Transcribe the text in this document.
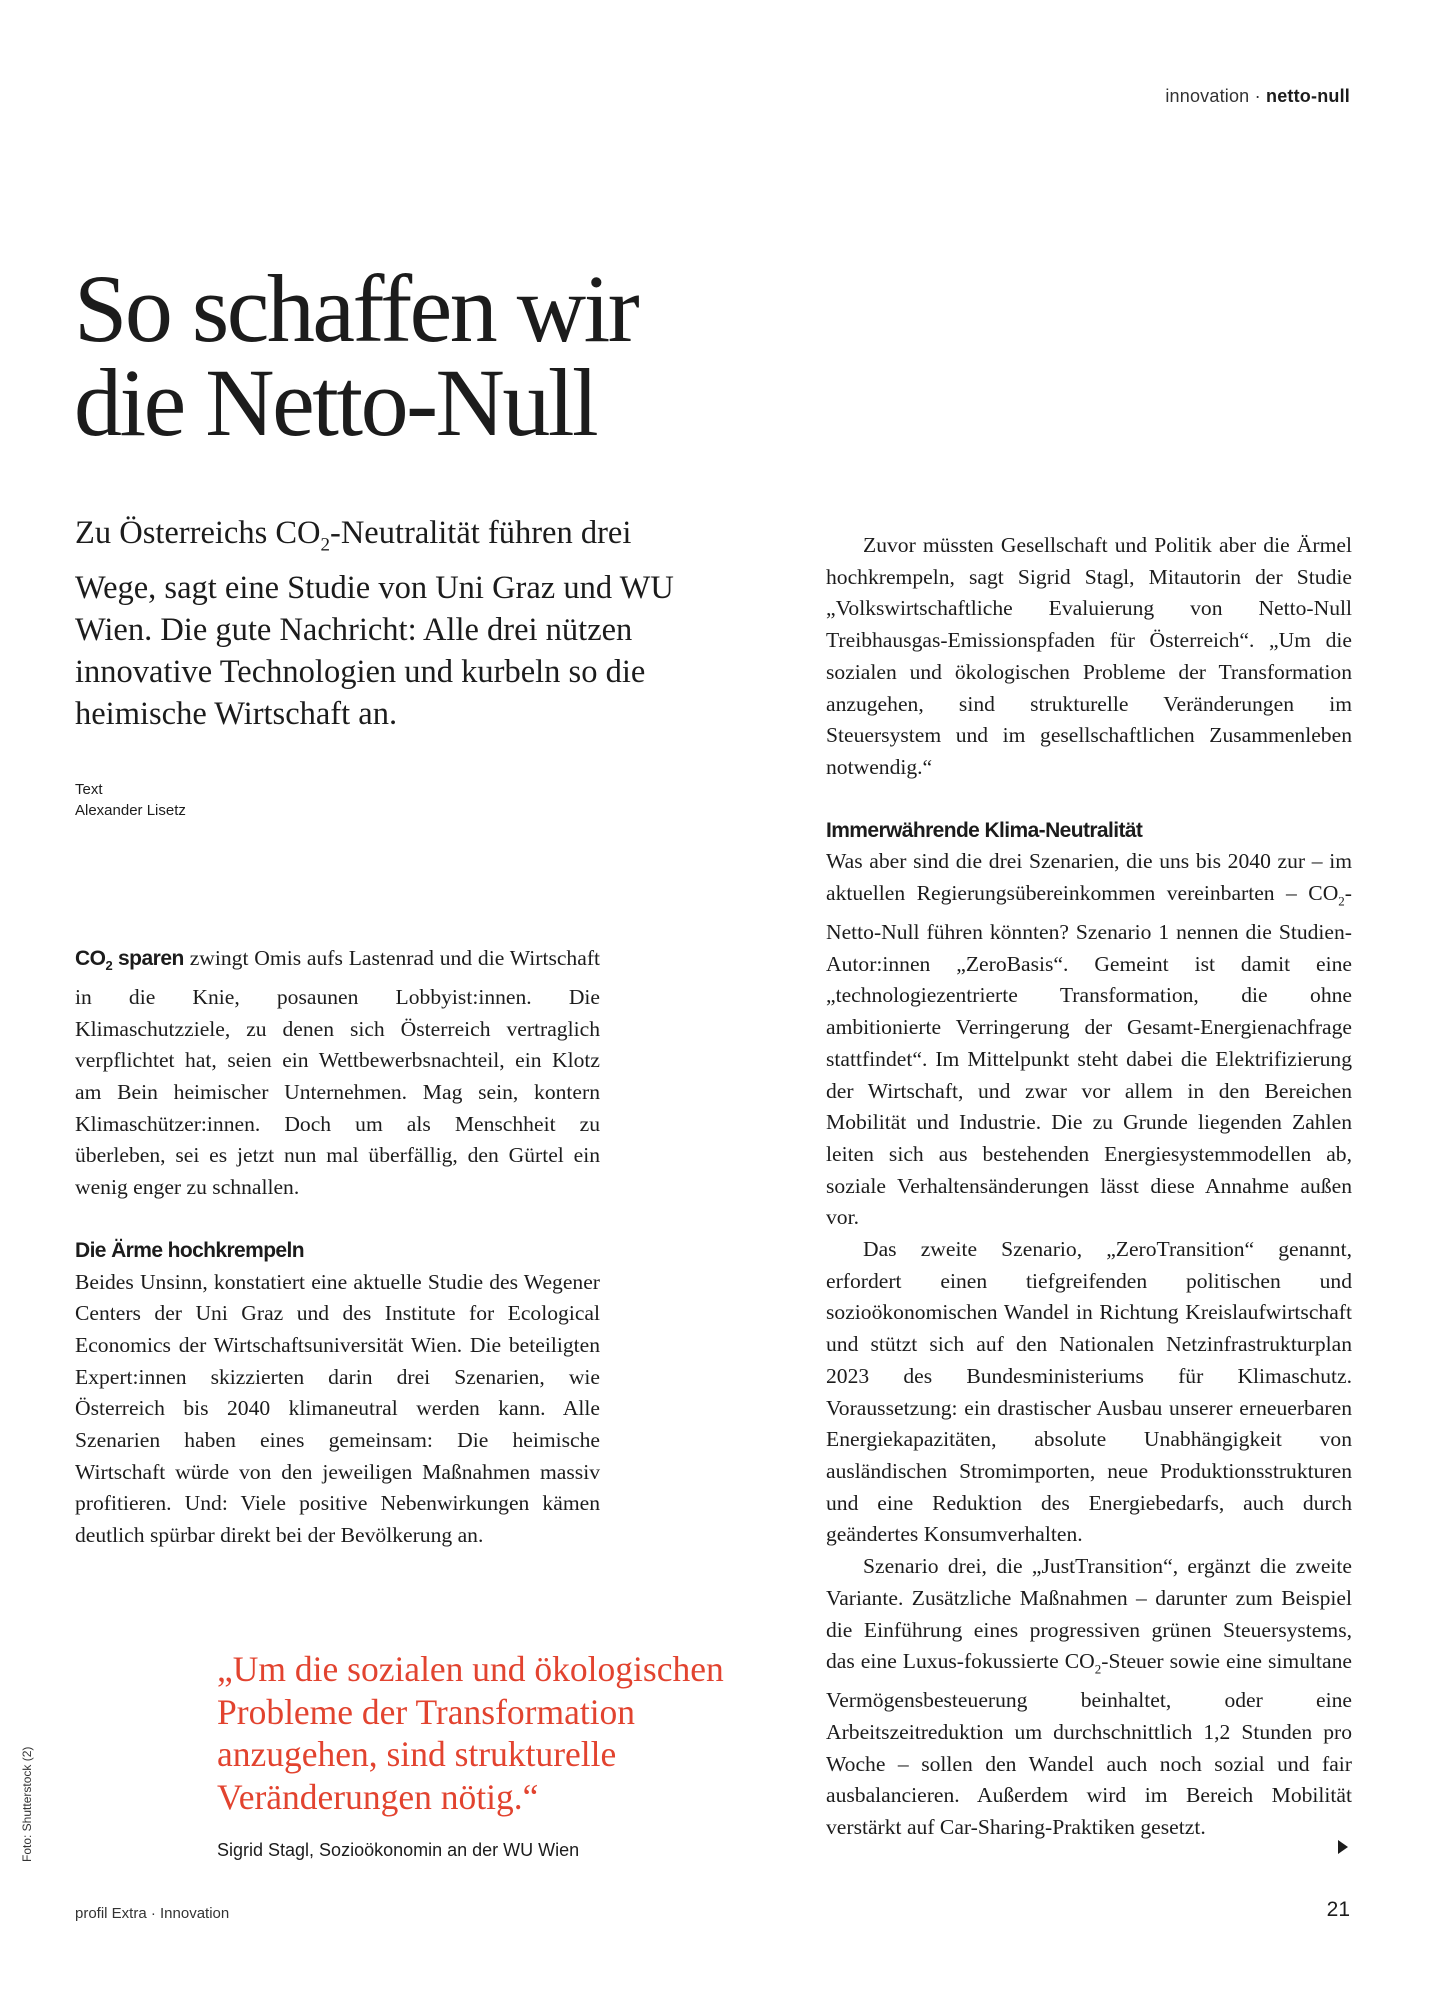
innovation · netto-null
So schaffen wir
die Netto-Null

Zu Österreichs $CO_2$-Neutralität führen drei Wege, sagt eine Studie von Uni Graz und WU Wien. Die gute Nachricht: Alle drei nützen innovative Technologien und kurbeln so die heimische Wirtschaft an.

Text
Alexander Lisetz

$CO_2$ sparen zwingt Omis aufs Lastenrad und die Wirtschaft in die Knie, posaunen Lobbyist:innen. Die Klimaschutzziele, zu denen sich Österreich vertraglich verpflichtet hat, seien ein Wettbewerbsnachteil, ein Klotz am Bein heimischer Unternehmen. Mag sein, kontern Klimaschützer:innen. Doch um als Menschheit zu überleben, sei es jetzt nun mal überfällig, den Gürtel ein wenig enger zu schnallen.

Die Ärme hochkrempeln

Beides Unsinn, konstatiert eine aktuelle Studie des Wegener Centers der Uni Graz und des Institute for Ecological Economics der Wirtschaftsuniversität Wien. Die beteiligten Expert:innen skizzierten darin drei Szenarien, wie Österreich bis 2040 klimaneutral werden kann. Alle Szenarien haben eines gemeinsam: Die heimische Wirtschaft würde von den jeweiligen Maßnahmen massiv profitieren. Und: Viele positive Nebenwirkungen kämen deutlich spürbar direkt bei der Bevölkerung an.

Zuvor müssten Gesellschaft und Politik aber die Ärmel hochkrempeln, sagt Sigrid Stagl, Mitautorin der Studie „Volkswirtschaftliche Evaluierung von Netto-Null Treibhausgas-Emissionspfaden für Österreich“. „Um die sozialen und ökologischen Probleme der Transformation anzugehen, sind strukturelle Veränderungen im Steuersystem und im gesellschaftlichen Zusammenleben notwendig.“

Immerwährende Klima-Neutralität

Was aber sind die drei Szenarien, die uns bis 2040 zur – im aktuellen Regierungsübereinkommen vereinbarten – $CO_2-Netto$-Null führen könnten? Szenario 1 nennen die Studien-Autor:innen „ZeroBasis“. Gemeint ist damit eine „technologiezentrierte Transformation, die ohne ambitionierte Verringerung der Gesamt-Energienachfrage stattfindet“. Im Mittelpunkt steht dabei die Elektrifizierung der Wirtschaft, und zwar vor allem in den Bereichen Mobilität und Industrie. Die zu Grunde liegenden Zahlen leiten sich aus bestehenden Energiesystemmodellen ab, soziale Verhaltensänderungen lässt diese Annahme außen vor.

Das zweite Szenario, „ZeroTransition“ genannt, erfordert einen tiefgreifenden politischen und sozioökonomischen Wandel in Richtung Kreislaufwirtschaft und stützt sich auf den Nationalen Netzinfrastrukturplan 2023 des Bundesministeriums für Klimaschutz. Voraussetzung: ein drastischer Ausbau unserer erneuerbaren Energiekapazitäten, absolute Unabhängigkeit von ausländischen Stromimporten, neue Produktionsstrukturen und eine Reduktion des Energiebedarfs, auch durch geändertes Konsumverhalten.

Szenario drei, die „JustTransition“, ergänzt die zweite Variante. Zusätzliche Maßnahmen – darunter zum Beispiel die Einführung eines progressiven grünen Steuersystems, das eine Luxus-fokussierte $CO_2$-Steuer sowie eine simultane Vermögensbesteuerung beinhaltet, oder eine Arbeitszeitreduktion um durchschnittlich 1,2 Stunden pro Woche – sollen den Wandel auch noch sozial und fair ausbalancieren. Außerdem wird im Bereich Mobilität verstärkt auf Car-Sharing-Praktiken gesetzt.

„Um die sozialen und ökologischen Probleme der Transformation anzugehen, sind strukturelle Veränderungen nötig.“

Sigrid Stagl, Sozioökonomin an der WU Wien
Foto: Shutterstock (2)
profil Extra · Innovation	21
